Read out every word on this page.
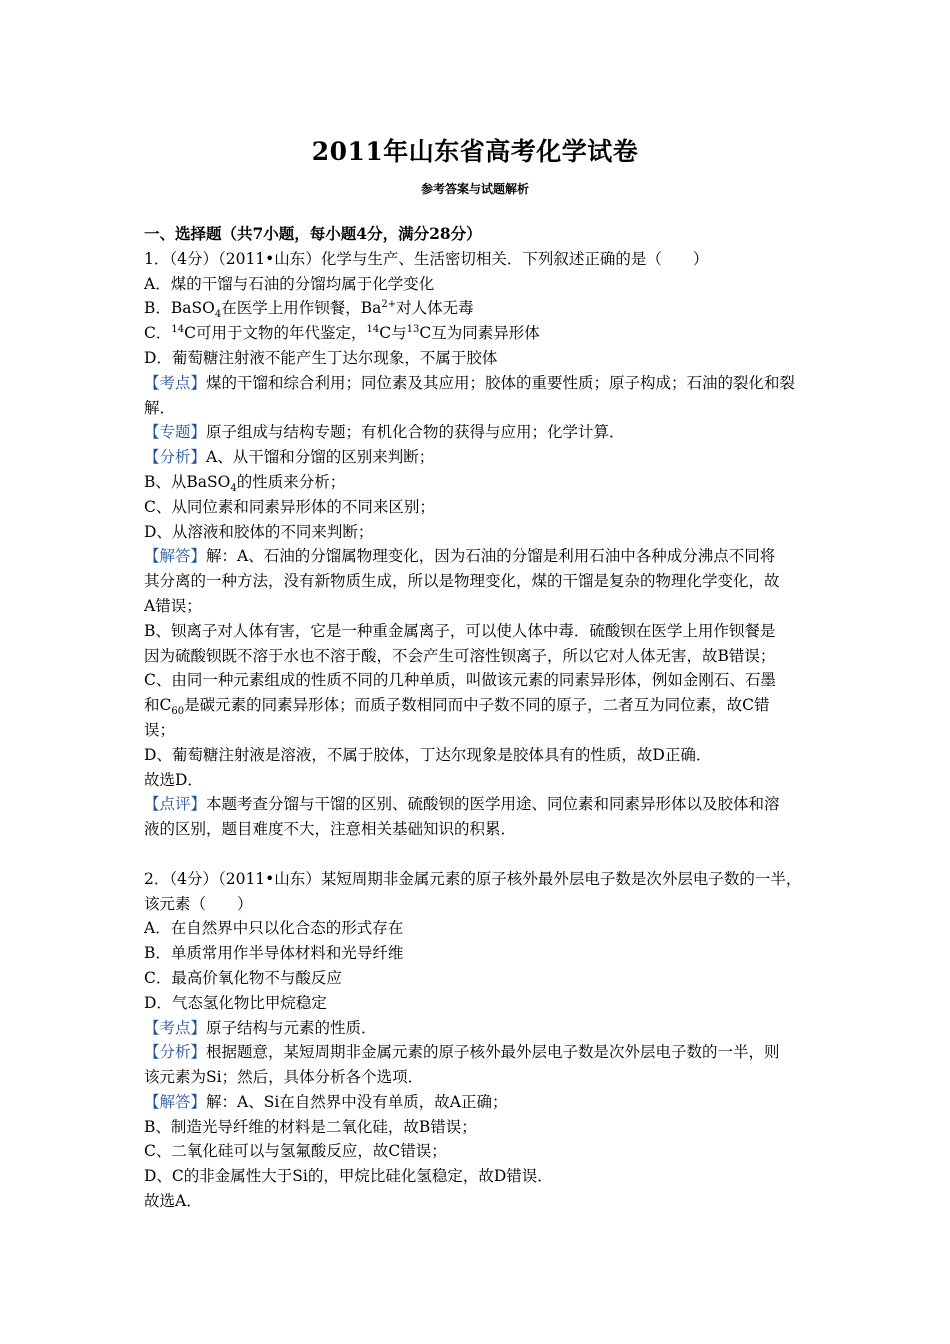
2011年山东省高考化学试卷
参考答案与试题解析
一、选择题（共7小题，每小题4分，满分28分）
1．（4分）（2011•山东）化学与生产、生活密切相关．下列叙述正确的是（　　）
A．煤的干馏与石油的分馏均属于化学变化
B．BaSO$_4$在医学上用作钡餐，$Ba^{2+}$对人体无毒
C．$^{14}$C可用于文物的年代鉴定，$^{14}$C与$^{13}$C互为同素异形体
D．葡萄糖注射液不能产生丁达尔现象，不属于胶体
【考点】煤的干馏和综合利用；同位素及其应用；胶体的重要性质；原子构成；石油的裂化和裂
解．
【专题】原子组成与结构专题；有机化合物的获得与应用；化学计算．
【分析】A、从干馏和分馏的区别来判断；
B、从BaSO$_4$的性质来分析；
C、从同位素和同素异形体的不同来区别；
D、从溶液和胶体的不同来判断；
【解答】解：A、石油的分馏属物理变化，因为石油的分馏是利用石油中各种成分沸点不同将
其分离的一种方法，没有新物质生成，所以是物理变化，煤的干馏是复杂的物理化学变化，故
A错误；
B、钡离子对人体有害，它是一种重金属离子，可以使人体中毒．硫酸钡在医学上用作钡餐是
因为硫酸钡既不溶于水也不溶于酸，不会产生可溶性钡离子，所以它对人体无害，故B错误；
C、由同一种元素组成的性质不同的几种单质，叫做该元素的同素异形体，例如金刚石、石墨
和$C_{60}$是碳元素的同素异形体；而质子数相同而中子数不同的原子，二者互为同位素，故C错
误；
D、葡萄糖注射液是溶液，不属于胶体，丁达尔现象是胶体具有的性质，故D正确．
故选D．
【点评】本题考查分馏与干馏的区别、硫酸钡的医学用途、同位素和同素异形体以及胶体和溶
液的区别，题目难度不大，注意相关基础知识的积累．
2．（4分）（2011•山东）某短周期非金属元素的原子核外最外层电子数是次外层电子数的一半，
该元素（　　）
A．在自然界中只以化合态的形式存在
B．单质常用作半导体材料和光导纤维
C．最高价氧化物不与酸反应
D．气态氢化物比甲烷稳定
【考点】原子结构与元素的性质．
【分析】根据题意，某短周期非金属元素的原子核外最外层电子数是次外层电子数的一半，则
该元素为Si；然后，具体分析各个选项．
【解答】解：A、Si在自然界中没有单质，故A正确；
B、制造光导纤维的材料是二氧化硅，故B错误；
C、二氧化硅可以与氢氟酸反应，故C错误；
D、C的非金属性大于Si的，甲烷比硅化氢稳定，故D错误．
故选A．
